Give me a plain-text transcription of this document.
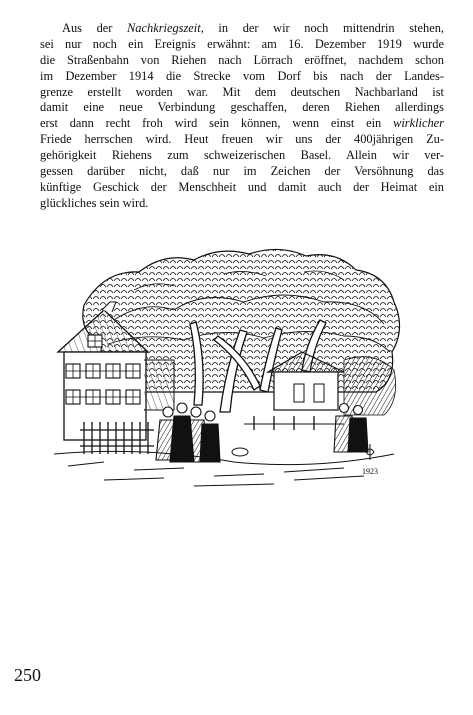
Aus der Nachkriegszeit, in der wir noch mittendrin stehen,
sei nur noch ein Ereignis erwähnt: am 16. Dezember 1919 wurde
die Straßenbahn von Riehen nach Lörrach eröffnet, nachdem schon
im Dezember 1914 die Strecke vom Dorf bis nach der Landes-
grenze erstellt worden war. Mit dem deutschen Nachbarland ist
damit eine neue Verbindung geschaffen, deren Riehen allerdings
erst dann recht froh wird sein können, wenn einst ein wirklicher
Friede herrschen wird. Heut freuen wir uns der 400jährigen Zu-
gehörigkeit Riehens zum schweizerischen Basel. Allein wir ver-
gessen darüber nicht, daß nur im Zeichen der Versöhnung das
künftige Geschick der Menschheit und damit auch der Heimat ein
glückliches sein wird.
1923
250
